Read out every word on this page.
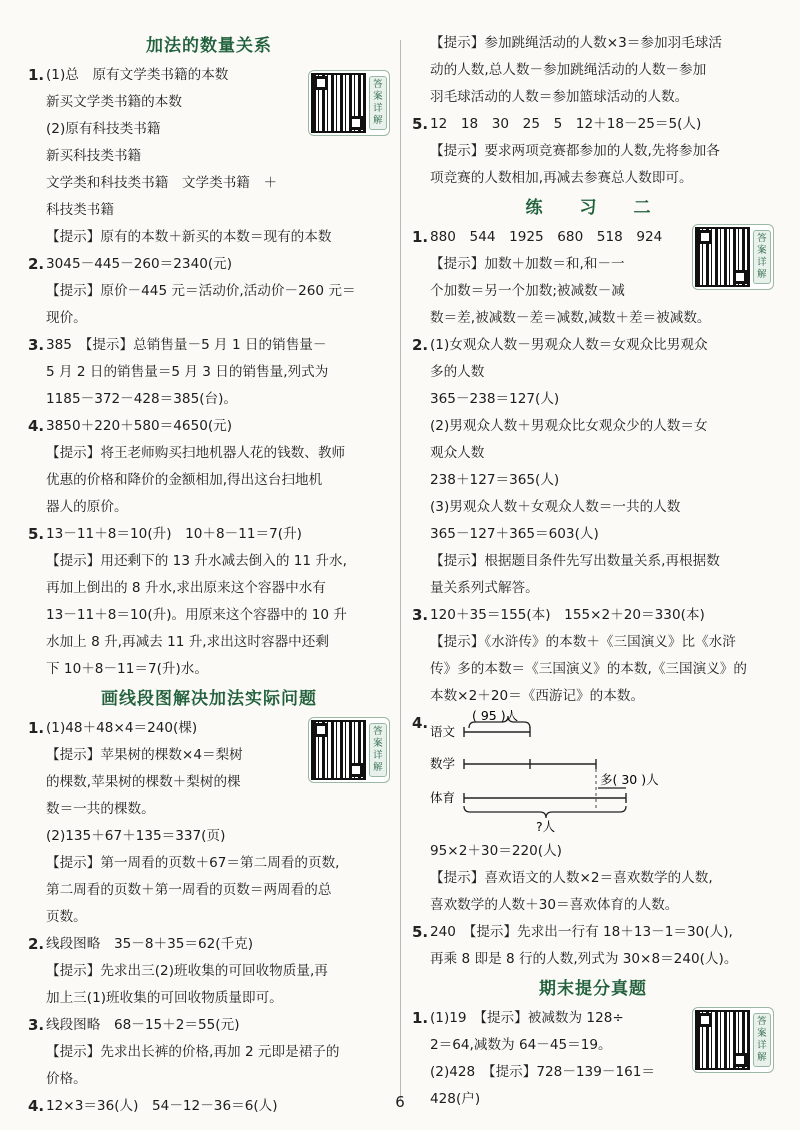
加法的数量关系
答案详解
1. (1)总　原有文学类书籍的本数
新买文学类书籍的本数
(2)原有科技类书籍
新买科技类书籍
文学类和科技类书籍　文学类书籍　＋
科技类书籍
【提示】原有的本数＋新买的本数＝现有的本数
2. 3045－445－260＝2340(元)
【提示】原价－445 元＝活动价,活动价－260 元＝
现价。
3. 385　【提示】总销售量－5 月 1 日的销售量－
5 月 2 日的销售量＝5 月 3 日的销售量,列式为
1185－372－428＝385(台)。
4. 3850＋220＋580＝4650(元)
【提示】将王老师购买扫地机器人花的钱数、教师
优惠的价格和降价的金额相加,得出这台扫地机
器人的原价。
5. 13－11＋8＝10(升)　10＋8－11＝7(升)
【提示】用还剩下的 13 升水减去倒入的 11 升水,
再加上倒出的 8 升水,求出原来这个容器中水有
13－11＋8＝10(升)。用原来这个容器中的 10 升
水加上 8 升,再减去 11 升,求出这时容器中还剩
下 10＋8－11＝7(升)水。
画线段图解决加法实际问题
答案详解
1. (1)48＋48×4＝240(棵)
【提示】苹果树的棵数×4＝梨树
的棵数,苹果树的棵数＋梨树的棵
数＝一共的棵数。
(2)135＋67＋135＝337(页)
【提示】第一周看的页数＋67＝第二周看的页数,
第二周看的页数＋第一周看的页数＝两周看的总
页数。
2. 线段图略　35－8＋35＝62(千克)
【提示】先求出三(2)班收集的可回收物质量,再
加上三(1)班收集的可回收物质量即可。
3. 线段图略　68－15＋2＝55(元)
【提示】先求出长裤的价格,再加 2 元即是裙子的
价格。
4. 12×3＝36(人)　54－12－36＝6(人)
【提示】参加跳绳活动的人数×3＝参加羽毛球活
动的人数,总人数－参加跳绳活动的人数－参加
羽毛球活动的人数＝参加篮球活动的人数。
5. 12　18　30　25　5　12＋18－25＝5(人)
【提示】要求两项竞赛都参加的人数,先将参加各
项竞赛的人数相加,再减去参赛总人数即可。
练　习　二
答案详解
1. 880　544　1925　680　518　924
【提示】加数＋加数＝和,和－一
个加数＝另一个加数;被减数－减
数＝差,被减数－差＝减数,减数＋差＝被减数。
2. (1)女观众人数－男观众人数＝女观众比男观众
多的人数
365－238＝127(人)
(2)男观众人数＋男观众比女观众少的人数＝女
观众人数
238＋127＝365(人)
(3)男观众人数＋女观众人数＝一共的人数
365－127＋365＝603(人)
【提示】根据题目条件先写出数量关系,再根据数
量关系列式解答。
3. 120＋35＝155(本)　155×2＋20＝330(本)
【提示】《水浒传》的本数＋《三国演义》比《水浒
传》多的本数＝《三国演义》的本数,《三国演义》的
本数×2＋20＝《西游记》的本数。
4.	( 95 )人
语文
数学
体育
多( 30 )人
?人
95×2＋30＝220(人)
【提示】喜欢语文的人数×2＝喜欢数学的人数,
喜欢数学的人数＋30＝喜欢体育的人数。
5. 240　【提示】先求出一行有 18＋13－1＝30(人),
再乘 8 即是 8 行的人数,列式为 30×8＝240(人)。
期末提分真题
答案详解
1. (1)19　【提示】被减数为 128÷
2＝64,减数为 64－45＝19。
(2)428　【提示】728－139－161＝
428(户)
6
